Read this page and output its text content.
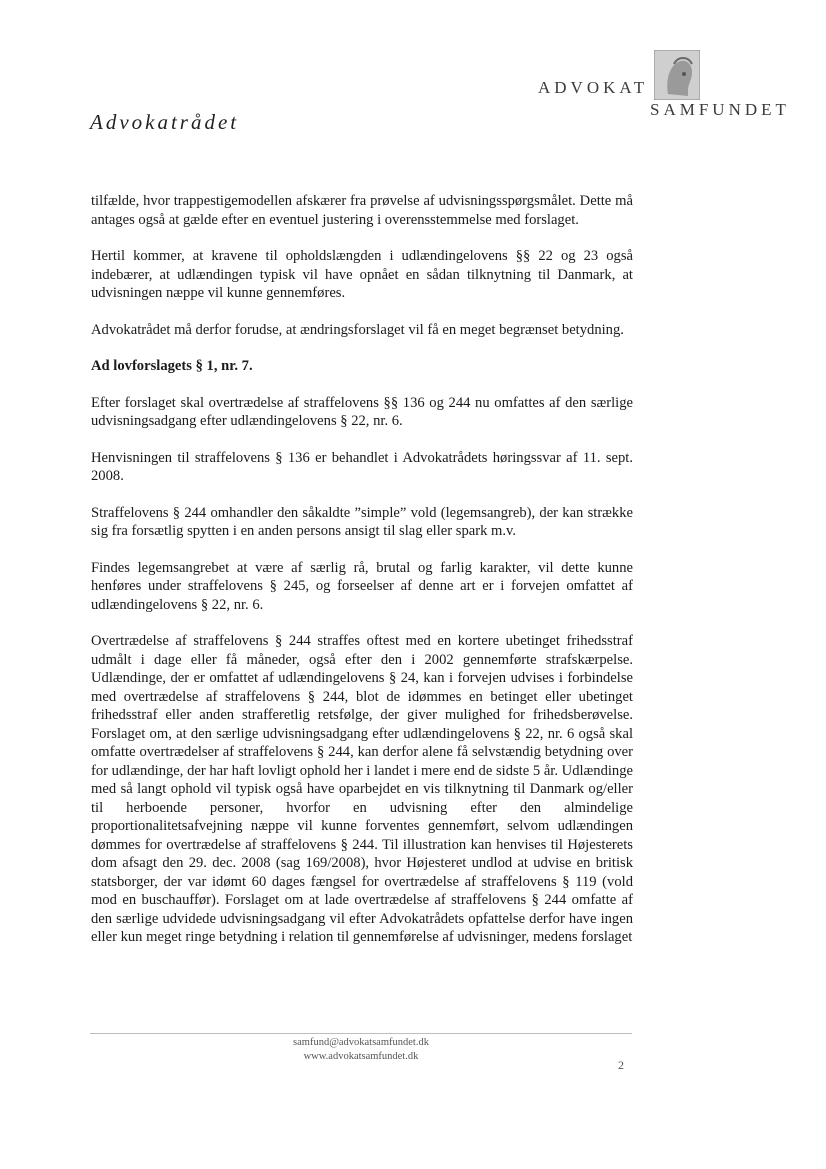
ADVOKAT
SAMFUNDET
Advokatrådet

tilfælde, hvor trappestigemodellen afskærer fra prøvelse af udvisningsspørgsmålet. Dette må antages også at gælde efter en eventuel justering i overensstemmelse med forslaget.

Hertil kommer, at kravene til opholdslængden i udlændingelovens §§ 22 og 23 også indebærer, at udlændingen typisk vil have opnået en sådan tilknytning til Danmark, at udvisningen næppe vil kunne gennemføres.

Advokatrådet må derfor forudse, at ændringsforslaget vil få en meget begrænset betydning.

Ad lovforslagets § 1, nr. 7.

Efter forslaget skal overtrædelse af straffelovens §§ 136 og 244 nu omfattes af den særlige udvisningsadgang efter udlændingelovens § 22, nr. 6.

Henvisningen til straffelovens § 136 er behandlet i Advokatrådets høringssvar af 11. sept. 2008.

Straffelovens § 244 omhandler den såkaldte ”simple” vold (legemsangreb), der kan strække sig fra forsætlig spytten i en anden persons ansigt til slag eller spark m.v.

Findes legemsangrebet at være af særlig rå, brutal og farlig karakter, vil dette kunne henføres under straffelovens § 245, og forseelser af denne art er i forvejen omfattet af udlændingelovens § 22, nr. 6.

Overtrædelse af straffelovens § 244 straffes oftest med en kortere ubetinget frihedsstraf udmålt i dage eller få måneder, også efter den i 2002 gennemførte strafskærpelse. Udlændinge, der er omfattet af udlændingelovens § 24, kan i forvejen udvises i forbindelse med overtrædelse af straffelovens § 244, blot de idømmes en betinget eller ubetinget frihedsstraf eller anden strafferetlig retsfølge, der giver mulighed for frihedsberøvelse. Forslaget om, at den særlige udvisningsadgang efter udlændingelovens § 22, nr. 6 også skal omfatte overtrædelser af straffelovens § 244, kan derfor alene få selvstændig betydning over for udlændinge, der har haft lovligt ophold her i landet i mere end de sidste 5 år. Udlændinge med så langt ophold vil typisk også have oparbejdet en vis tilknytning til Danmark og/eller til herboende personer, hvorfor en udvisning efter den almindelige proportionalitetsafvejning næppe vil kunne forventes gennemført, selvom udlændingen dømmes for overtrædelse af straffelovens § 244. Til illustration kan henvises til Højesterets dom afsagt den 29. dec. 2008 (sag 169/2008), hvor Højesteret undlod at udvise en britisk statsborger, der var idømt 60 dages fængsel for overtrædelse af straffelovens § 119 (vold mod en buschauffør). Forslaget om at lade overtrædelse af straffelovens § 244 omfatte af den særlige udvidede udvisningsadgang vil efter Advokatrådets opfattelse derfor have ingen eller kun meget ringe betydning i relation til gennemførelse af udvisninger, medens forslaget

samfund@advokatsamfundet.dk
www.advokatsamfundet.dk
2
